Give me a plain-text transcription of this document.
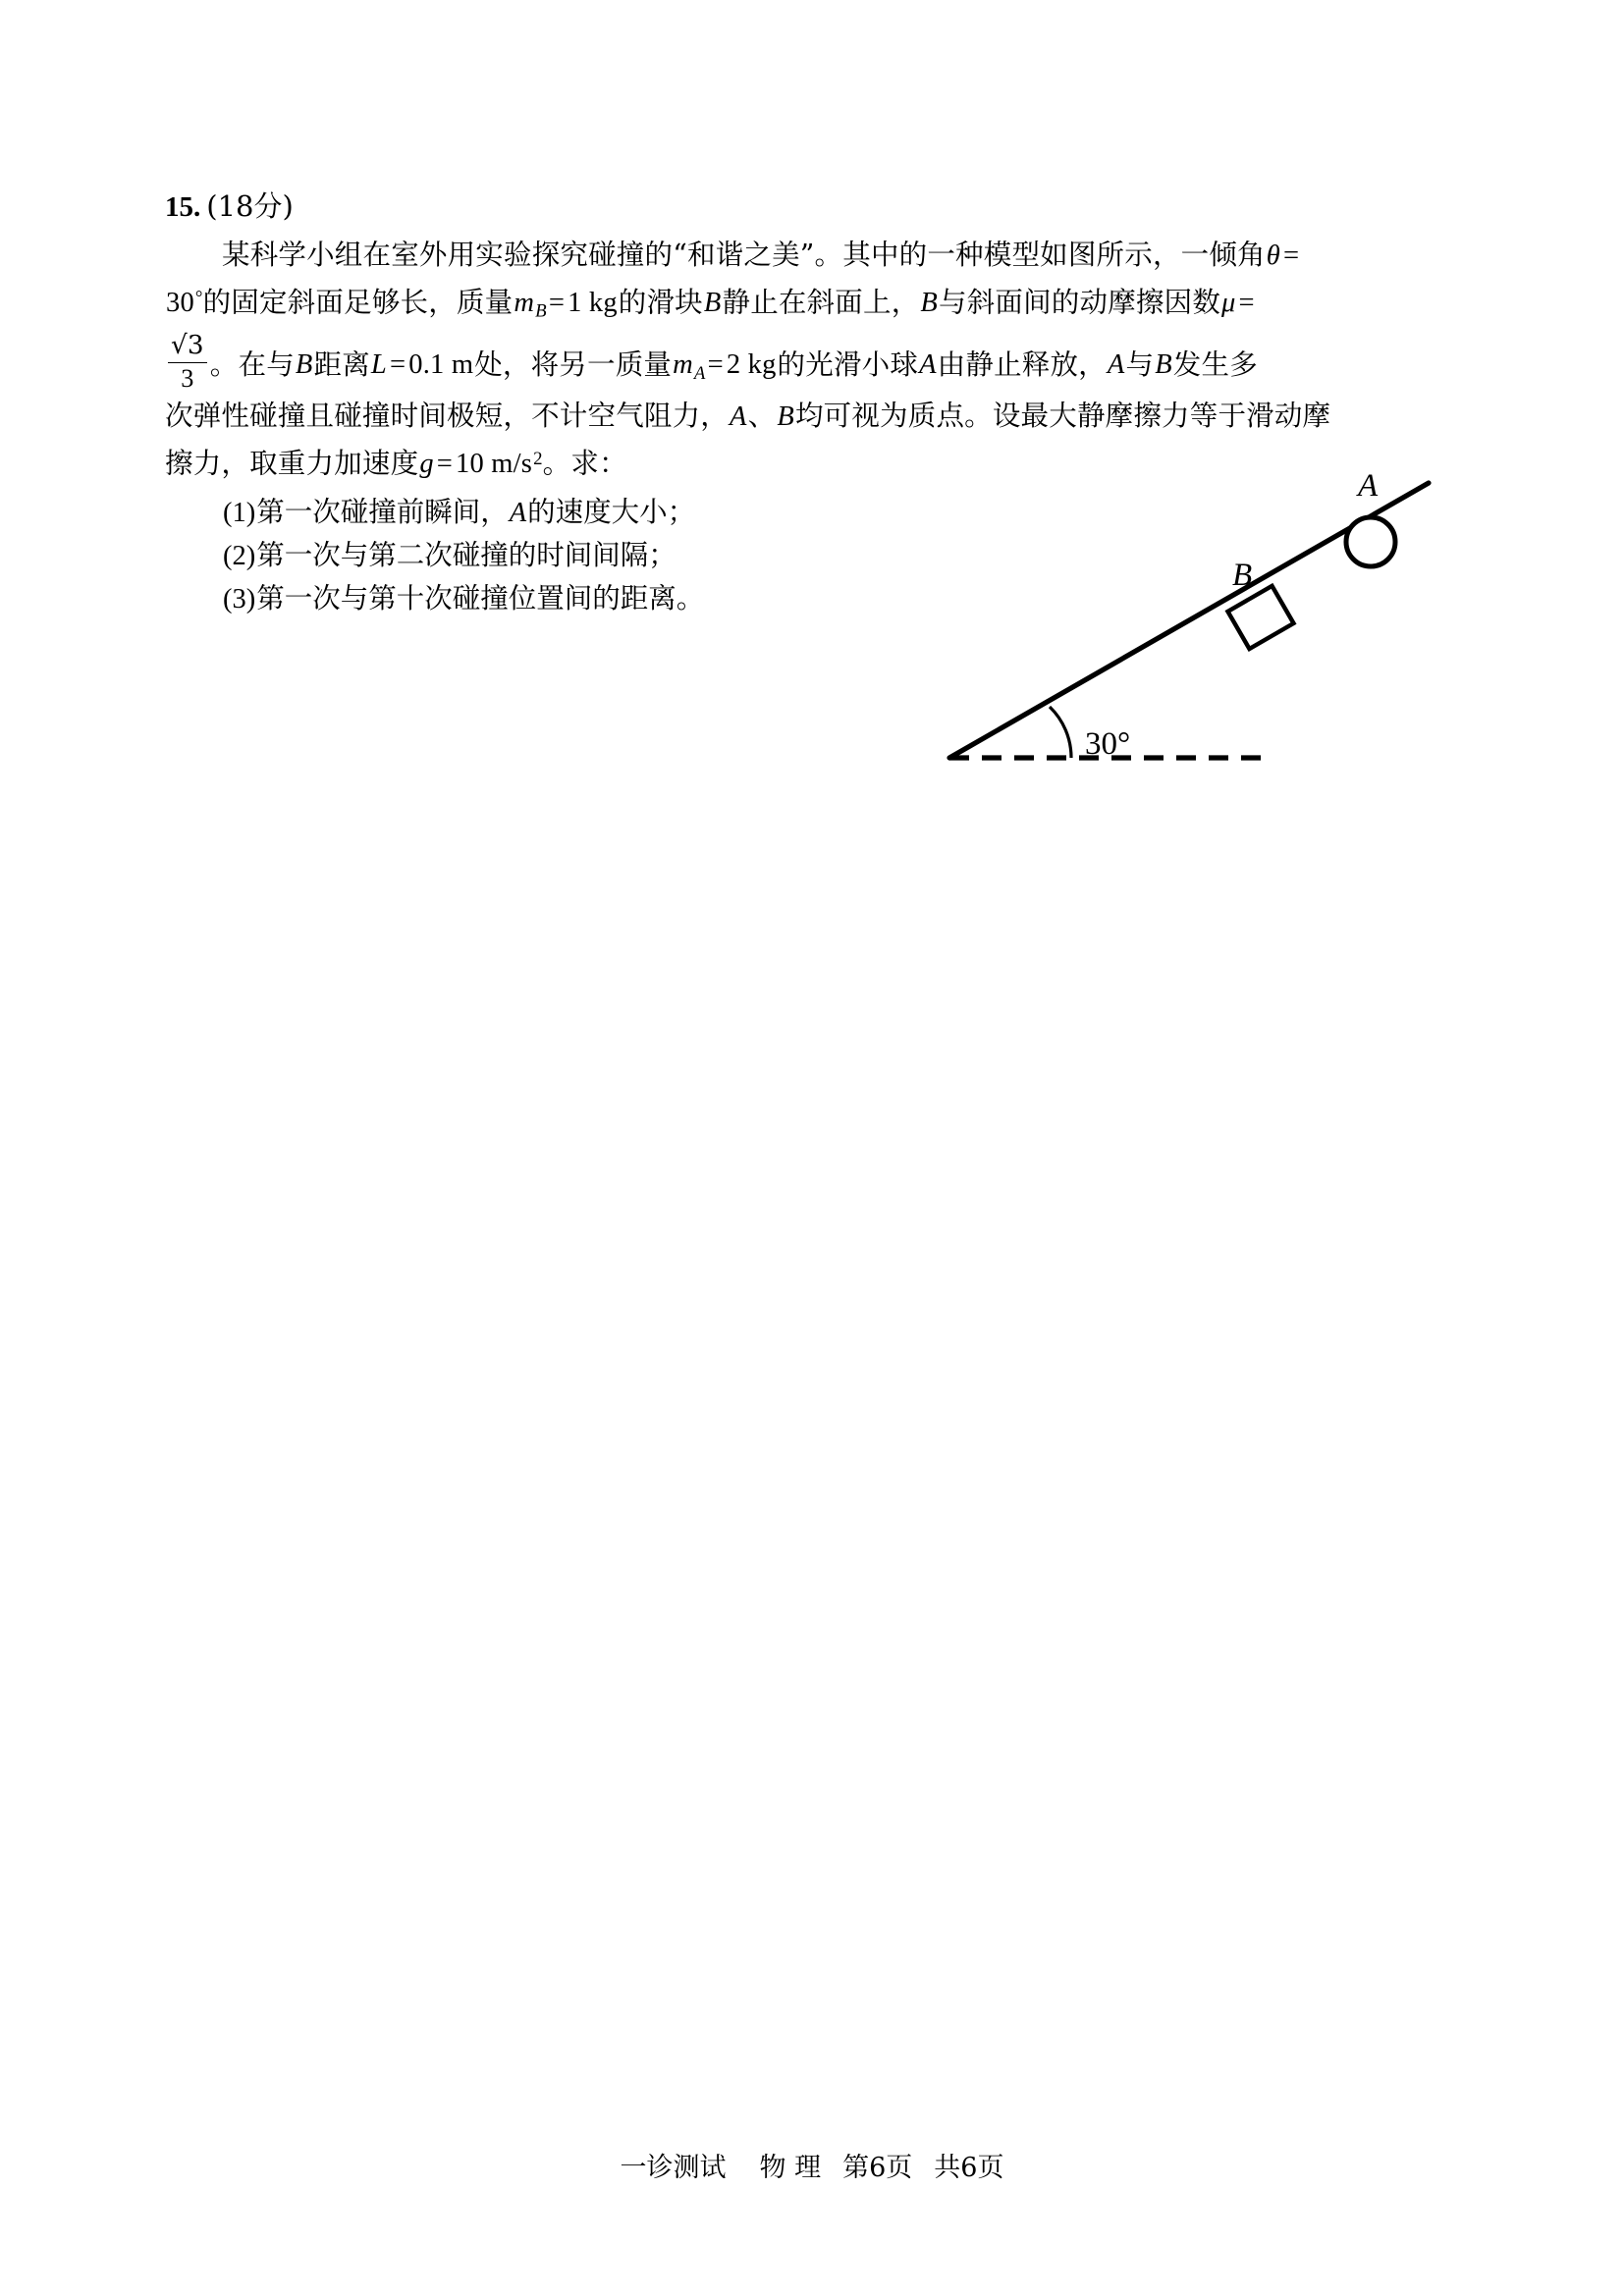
15. (18分)
某科学小组在室外用实验探究碰撞的“和谐之美”。其中的一种模型如图所示，一倾角θ =
30°的固定斜面足够长，质量$m_B= 1$ kg的滑块B静止在斜面上，B与斜面间的动摩擦因数μ =
$\frac{√3}{3}$ 。在与B距离L = 0.1 m处，将另一质量$m_A= 2$ kg的光滑小球A由静止释放，A与B发生多
次弹性碰撞且碰撞时间极短，不计空气阻力，A、B均可视为质点。设最大静摩擦力等于滑动摩
擦力，取重力加速度g = 10 $m/s^2$。求：
(1)第一次碰撞前瞬间，A的速度大小；
(2)第一次与第二次碰撞的时间间隔；
(3)第一次与第十次碰撞位置间的距离。
30°
B
A
一诊测试 物 理 第6页 共6页
